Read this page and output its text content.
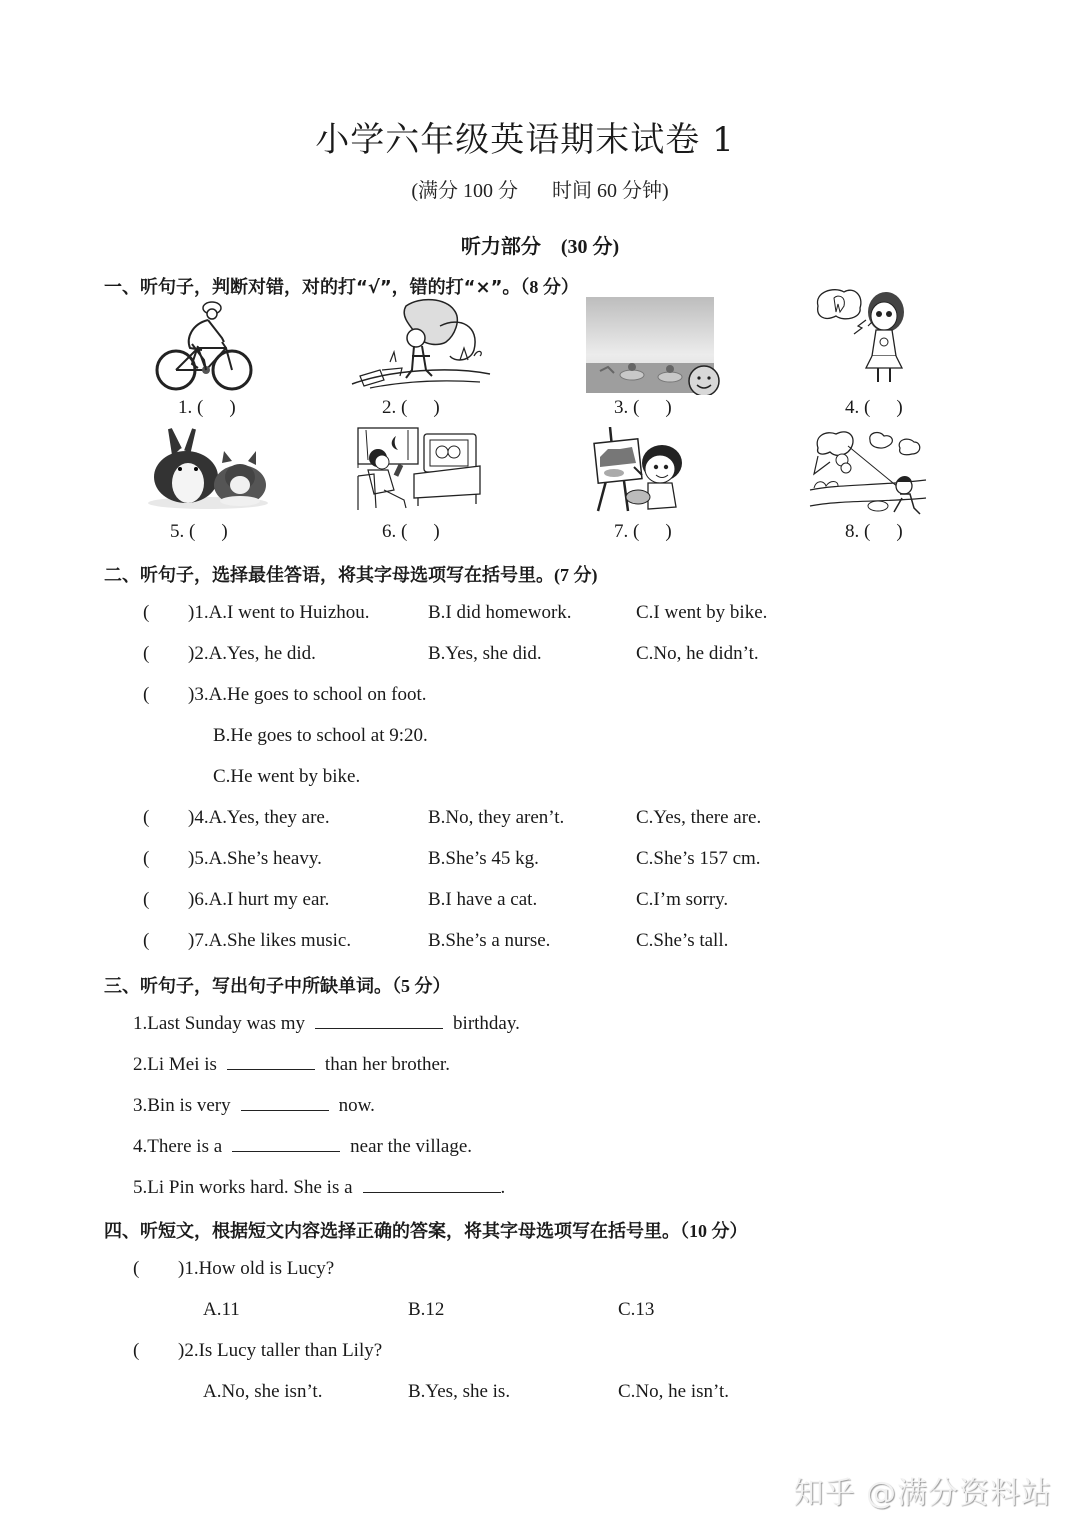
小学六年级英语期末试卷 1
(满分 100 分 时间 60 分钟)
听力部分　(30 分)
一、听句子，判断对错，对的打“√”，错的打“×”。（8 分）
1. ( )	2. ( )	3. ( )	4. ( )
5. ( )	6. ( )	7. ( )	8. ( )
二、听句子，选择最佳答语，将其字母选项写在括号里。(7 分)
( )1.A.I went to Huizhou.	B.I did homework.	C.I went by bike.
( )2.A.Yes, he did.	B.Yes, she did.	C.No, he didn’t.
( )3.A.He goes to school on foot.
B.He goes to school at 9:20.
C.He went by bike.
( )4.A.Yes, they are.	B.No, they aren’t.	C.Yes, there are.
( )5.A.She’s heavy.	B.She’s 45 kg.	C.She’s 157 cm.
( )6.A.I hurt my ear.	B.I have a cat.	C.I’m sorry.
( )7.A.She likes music.	B.She’s a nurse.	C.She’s tall.
三、听句子，写出句子中所缺单词。（5 分）
1.Last Sunday was my	birthday.
2.Li Mei is	than her brother.
3.Bin is very	now.
4.There is a	near the village.
5.Li Pin works hard. She is a	.
四、听短文，根据短文内容选择正确的答案，将其字母选项写在括号里。（10 分）
( )1.How old is Lucy?
A.11	B.12	C.13
( )2.Is Lucy taller than Lily?
A.No, she isn’t.	B.Yes, she is.	C.No, he isn’t.
知乎 @满分资料站
